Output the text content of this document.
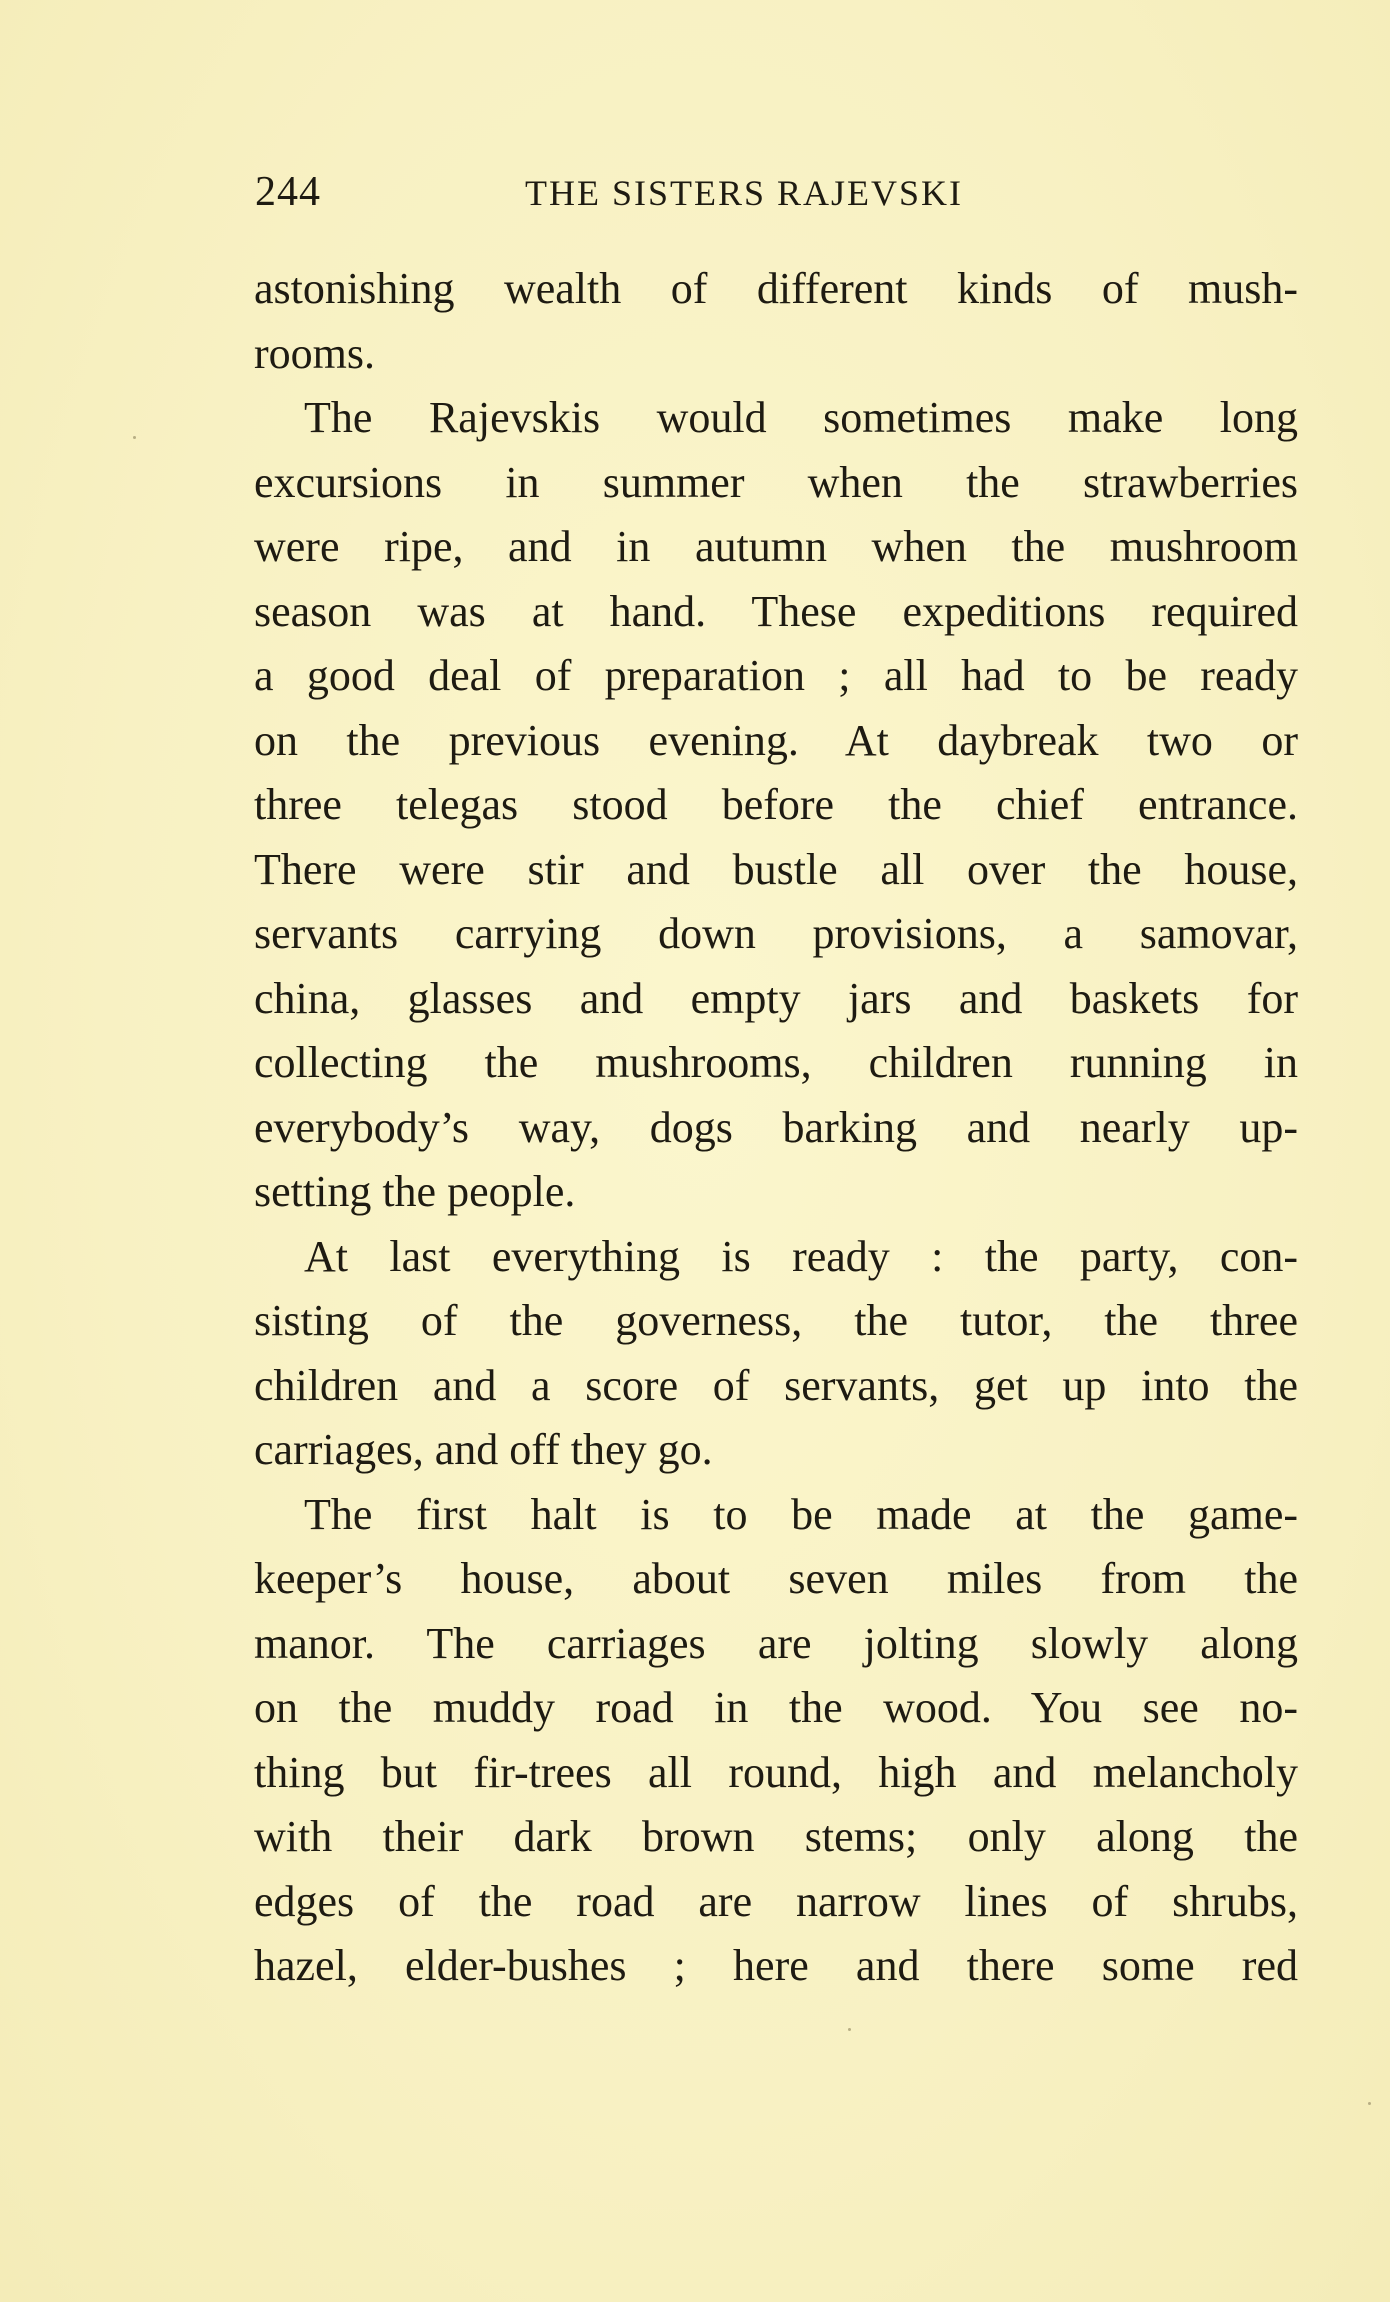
244	THE SISTERS RAJEVSKI
astonishing wealth of different kinds of mush-
rooms.
The Rajevskis would sometimes make long
excursions in summer when the strawberries
were ripe, and in autumn when the mushroom
season was at hand. These expeditions required
a good deal of preparation ; all had to be ready
on the previous evening. At daybreak two or
three telegas stood before the chief entrance.
There were stir and bustle all over the house,
servants carrying down provisions, a samovar,
china, glasses and empty jars and baskets for
collecting the mushrooms, children running in
everybody’s way, dogs barking and nearly up-
setting the people.
At last everything is ready : the party, con-
sisting of the governess, the tutor, the three
children and a score of servants, get up into the
carriages, and off they go.
The first halt is to be made at the game-
keeper’s house, about seven miles from the
manor. The carriages are jolting slowly along
on the muddy road in the wood. You see no-
thing but fir-trees all round, high and melancholy
with their dark brown stems; only along the
edges of the road are narrow lines of shrubs,
hazel, elder-bushes ; here and there some red
